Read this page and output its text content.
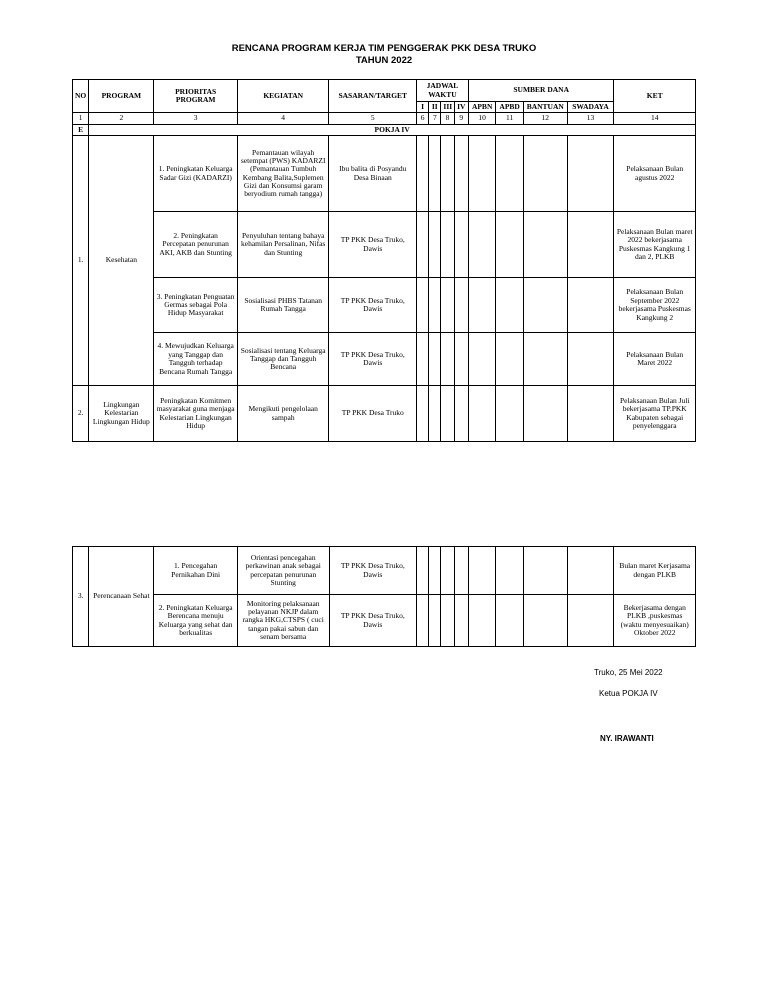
RENCANA PROGRAM KERJA TIM PENGGERAK PKK DESA TRUKO
TAHUN 2022
NO	PROGRAM	PRIORITAS PROGRAM	KEGIATAN	SASARAN/TARGET	JADWAL WAKTU				SUMBER DANA				KET
					I	II	III	IV	APBN	APBD	BANTUAN	SWADAYA	
1	2	3	4	5	6	7	8	9	10	11	12	13	14
E	POKJA IV												
1.	Kesehatan	1. Peningkatan Keluarga Sadar Gizi (KADARZI)	Pemantauan wilayah setempat (PWS) KADARZI (Pemantauan Tumbuh Kembang Balita,Suplemen Gizi dan Konsumsi garam beryodium rumah tangga)	Ibu balita di Posyandu Desa Binaan									Pelaksanaan Bulan agustus 2022
		2. Peningkatan Percepatan penurunan AKI, AKB dan Stunting	Penyuluhan tentang bahaya kehamilan Persalinan, Nifas dan Stunting	TP PKK Desa Truko, Dawis									Pelaksanaan Bulan maret 2022 bekerjasama Puskesmas Kangkung 1 dan 2, PLKB
		3. Peningkatan Penguatan Germas sebagai Pola Hidup Masyarakat	Sosialisasi PHBS Tatanan Rumah Tangga	TP PKK Desa Truko, Dawis									Pelaksanaan Bulan September 2022 bekerjasama Puskesmas Kangkung 2
		4. Mewujudkan Keluarga yang Tanggap dan Tangguh terhadap Bencana Rumah Tangga	Sosialisasi tentang Keluarga Tanggap dan Tangguh Bencana	TP PKK Desa Truko, Dawis									Pelaksanaan Bulan Maret 2022
2.	Lingkungan Kelestarian Lingkungan Hidup	Peningkatan Komitmen masyarakat guna menjaga Kelestarian Lingkungan Hidup	Mengikuti pengelolaan sampah	TP PKK Desa Truko									Pelaksanaan Bulan Juli bekerjasama TP.PKK Kabupaten sebagai penyelenggara
3.	Perencanaan Sehat	1. Pencegahan Pernikahan Dini	Orientasi pencegahan perkawinan anak sebagai percepatan penurunan Stunting	TP PKK Desa Truko, Dawis									Bulan maret Kerjasama dengan PLKB
		2. Peningkatan Keluarga Berencana menuju Keluarga yang sehat dan berkualitas	Monitoring pelaksanaan pelayanan NKJP dalam rangka HKG,CTSPS ( cuci tangan pakai sabun dan senam bersama	TP PKK Desa Truko, Dawis									Bekerjasama dengan PLKB ,puskesmas (waktu menyesuaikan) Oktober 2022
Truko, 25 Mei 2022
Ketua POKJA IV
NY. IRAWANTI
